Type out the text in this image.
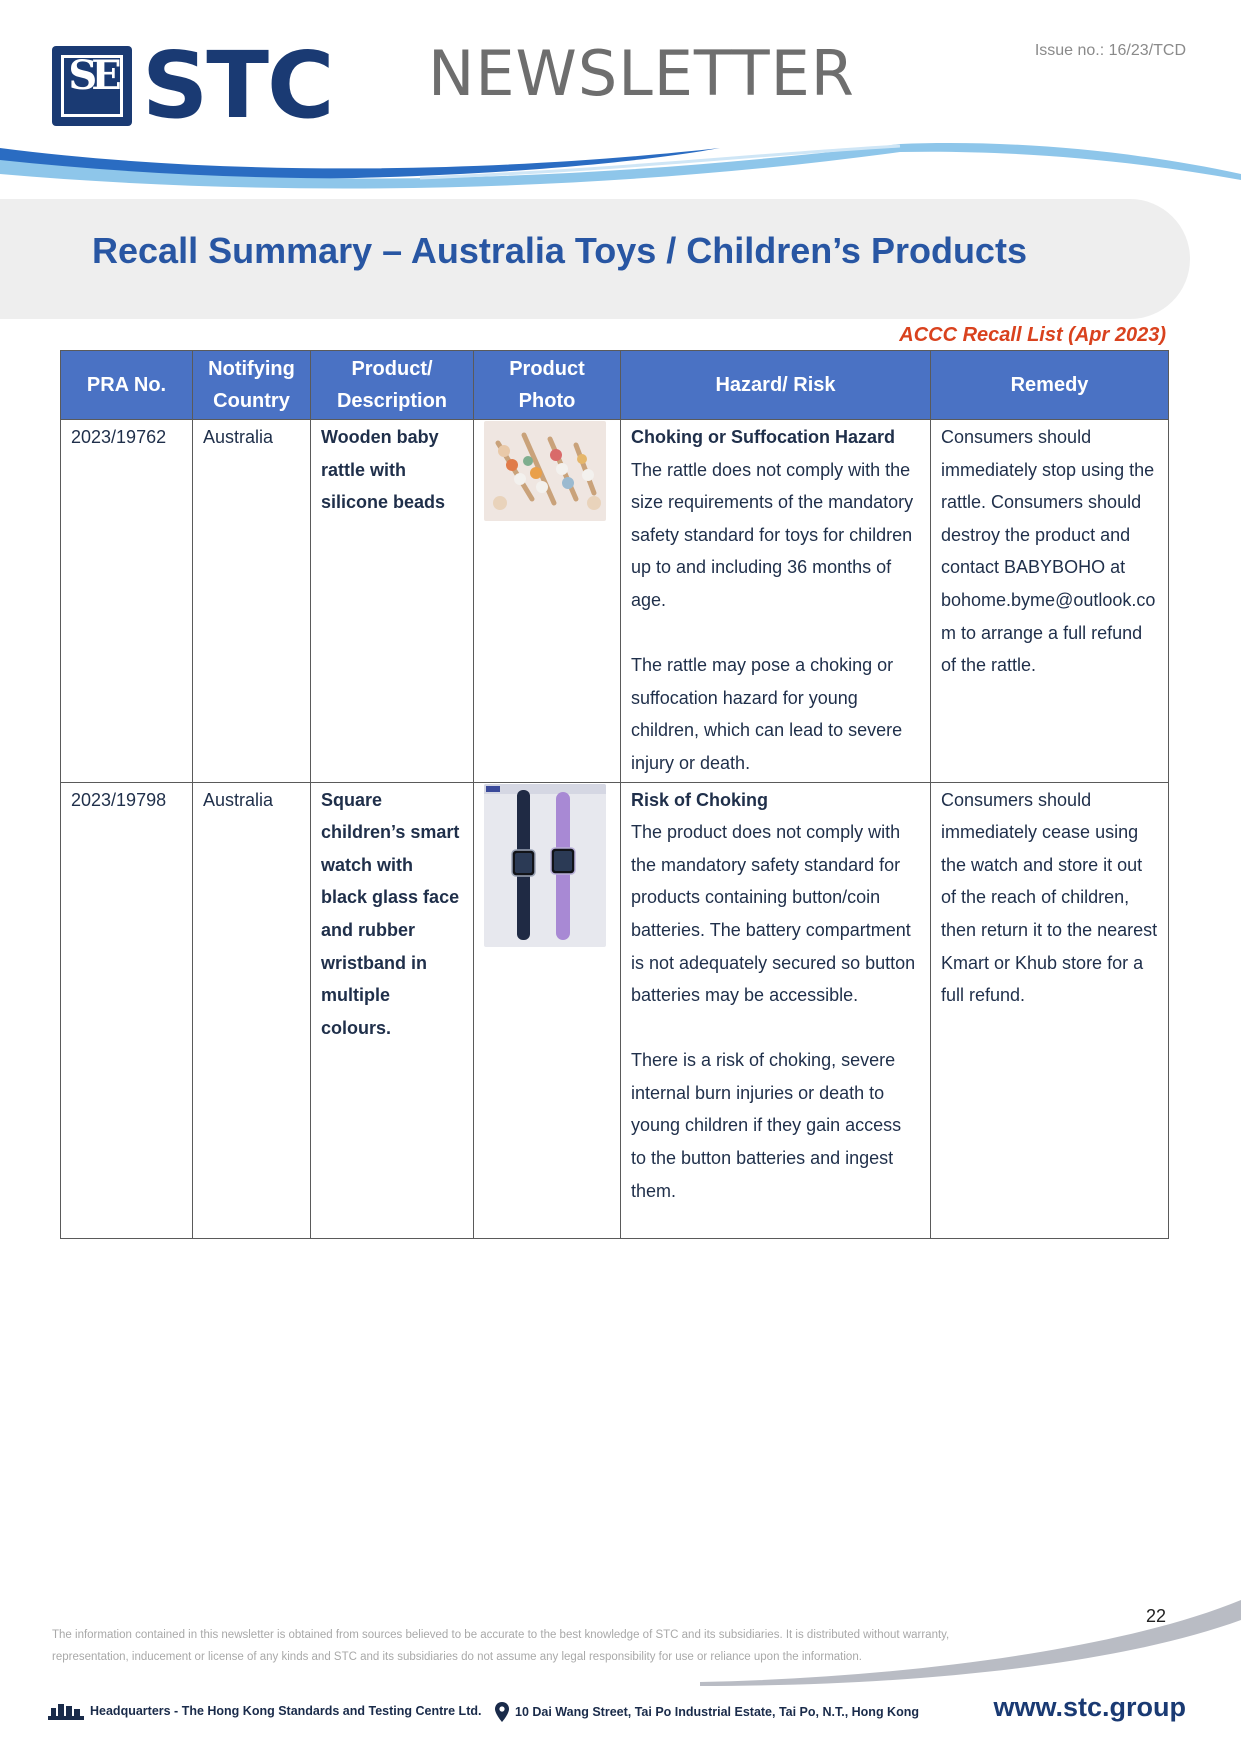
SE STC NEWSLETTER	Issue no.: 16/23/TCD
Recall Summary – Australia Toys / Children’s Products
ACCC Recall List (Apr 2023)
PRA No.	Notifying Country	Product/ Description	Product Photo	Hazard/ Risk	Remedy
2023/19762	Australia	Wooden baby rattle with silicone beads		Choking or Suffocation Hazard
The rattle does not comply with the size requirements of the mandatory safety standard for toys for children up to and including 36 months of age.
The rattle may pose a choking or suffocation hazard for young children, which can lead to severe injury or death.	Consumers should immediately stop using the rattle. Consumers should destroy the product and contact BABYBOHO at bohome.byme@outlook.com to arrange a full refund of the rattle.
2023/19798	Australia	Square children’s smart watch with black glass face and rubber wristband in multiple colours.		Risk of Choking
The product does not comply with the mandatory safety standard for products containing button/coin batteries. The battery compartment is not adequately secured so button batteries may be accessible.
There is a risk of choking, severe internal burn injuries or death to young children if they gain access to the button batteries and ingest them.	Consumers should immediately cease using the watch and store it out of the reach of children, then return it to the nearest Kmart or Khub store for a full refund.
22
The information contained in this newsletter is obtained from sources believed to be accurate to the best knowledge of STC and its subsidiaries. It is distributed without warranty, representation, inducement or license of any kinds and STC and its subsidiaries do not assume any legal responsibility for use or reliance upon the information.
Headquarters - The Hong Kong Standards and Testing Centre Ltd.	10 Dai Wang Street, Tai Po Industrial Estate, Tai Po, N.T., Hong Kong	www.stc.group
